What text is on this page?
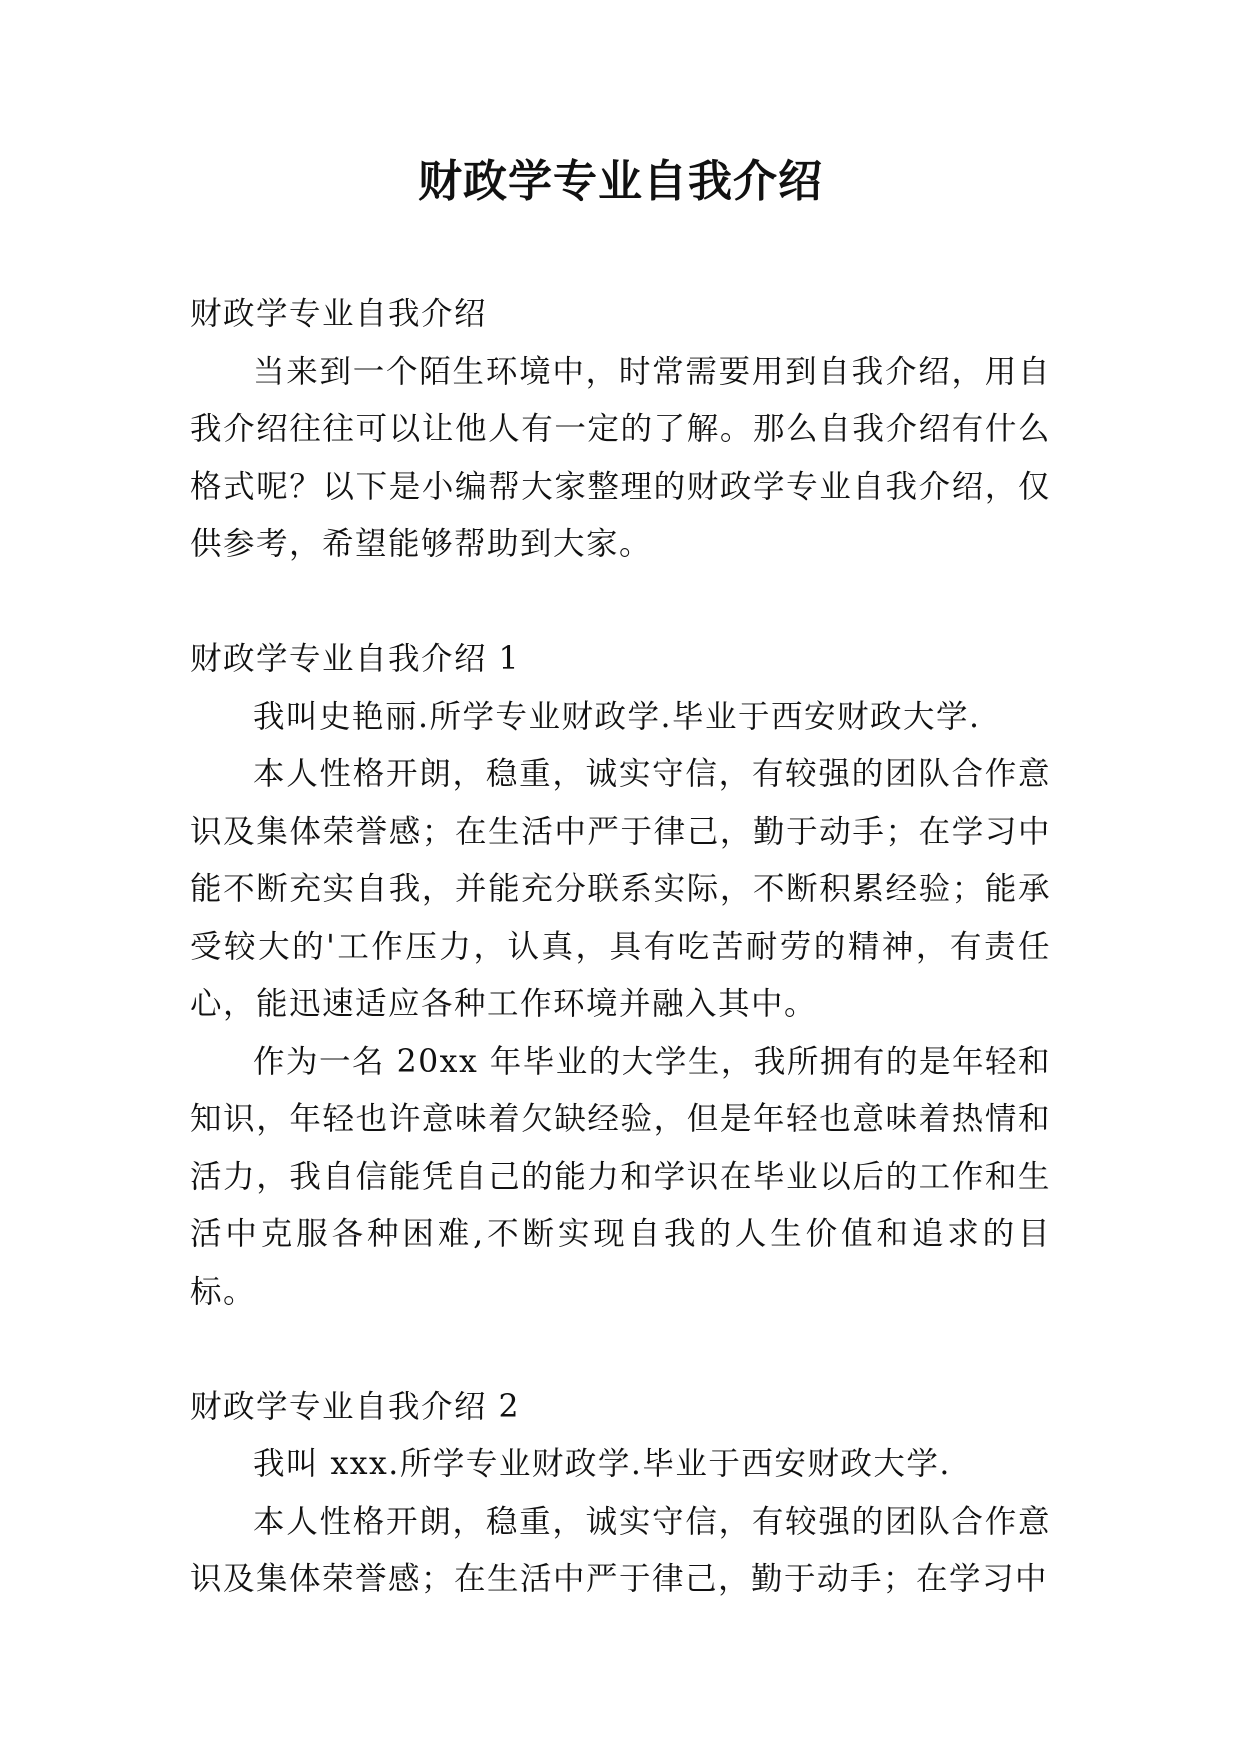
财政学专业自我介绍

财政学专业自我介绍

当来到一个陌生环境中，时常需要用到自我介绍，用自我介绍往往可以让他人有一定的了解。那么自我介绍有什么格式呢？以下是小编帮大家整理的财政学专业自我介绍，仅供参考，希望能够帮助到大家。

财政学专业自我介绍 1

我叫史艳丽.所学专业财政学.毕业于西安财政大学.

本人性格开朗，稳重，诚实守信，有较强的团队合作意识及集体荣誉感；在生活中严于律己，勤于动手；在学习中能不断充实自我，并能充分联系实际，不断积累经验；能承受较大的'工作压力，认真，具有吃苦耐劳的精神，有责任心，能迅速适应各种工作环境并融入其中。

作为一名 20xx 年毕业的大学生，我所拥有的是年轻和知识，年轻也许意味着欠缺经验，但是年轻也意味着热情和活力，我自信能凭自己的能力和学识在毕业以后的工作和生活中克服各种困难,不断实现自我的人生价值和追求的目标。

财政学专业自我介绍 2

我叫 xxx.所学专业财政学.毕业于西安财政大学.

本人性格开朗，稳重，诚实守信，有较强的团队合作意识及集体荣誉感；在生活中严于律己，勤于动手；在学习中
